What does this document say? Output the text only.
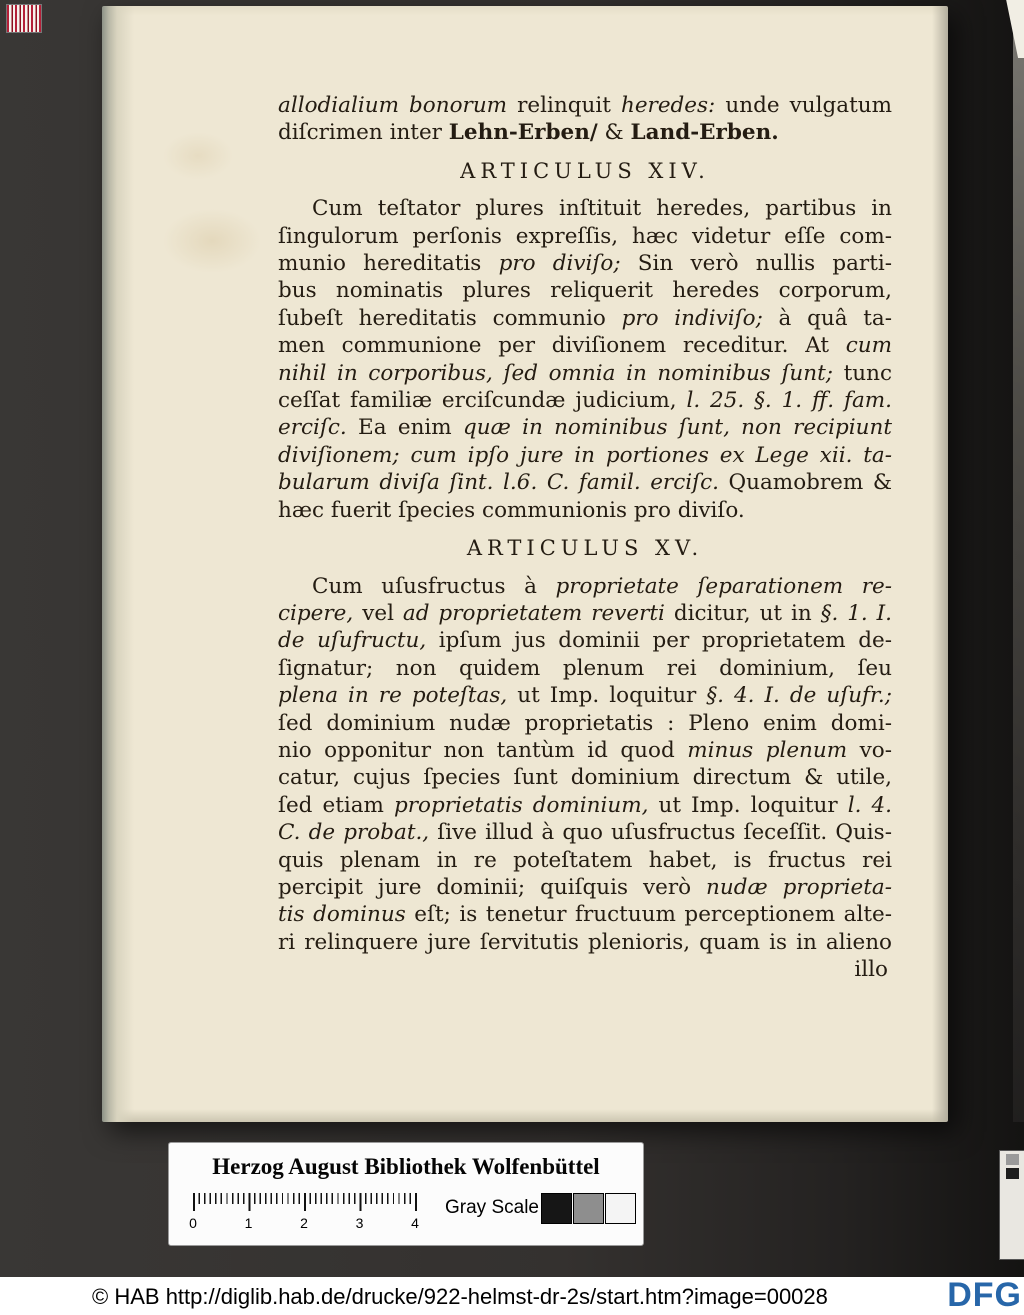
allodialium bonorum relinquit heredes: unde vulgatum
diſcrimen inter Lehn-Erben/ & Land-Erben.
ARTICULUS XIV.
Cum teſtator plures inſtituit heredes, partibus in
ſingulorum perſonis expreſſis, hæc videtur eſſe com-
munio hereditatis pro diviſo; Sin verò nullis parti-
bus nominatis plures reliquerit heredes corporum,
ſubeſt hereditatis communio pro indiviſo; à quâ ta-
men communione per diviſionem receditur. At cum
nihil in corporibus, ſed omnia in nominibus ſunt; tunc
ceſſat familiæ erciſcundæ judicium, l. 25. §. 1. ff. fam.
erciſc. Ea enim quæ in nominibus ſunt, non recipiunt
diviſionem; cum ipſo jure in portiones ex Lege xii. ta-
bularum diviſa ſint. l.6. C. famil. erciſc. Quamobrem &
hæc fuerit ſpecies communionis pro diviſo.
ARTICULUS XV.
Cum uſusfructus à proprietate ſeparationem re-
cipere, vel ad proprietatem reverti dicitur, ut in §. 1. I.
de uſufructu, ipſum jus dominii per proprietatem de-
ſignatur; non quidem plenum rei dominium, ſeu
plena in re poteſtas, ut Imp. loquitur §. 4. I. de uſufr.;
ſed dominium nudæ proprietatis : Pleno enim domi-
nio opponitur non tantùm id quod minus plenum vo-
catur, cujus ſpecies ſunt dominium directum & utile,
ſed etiam proprietatis dominium, ut Imp. loquitur l. 4.
C. de probat., ſive illud à quo uſusfructus ſeceſſit. Quis-
quis plenam in re poteſtatem habet, is fructus rei
percipit jure dominii; quiſquis verò nudæ proprieta-
tis dominus eſt; is tenetur fructuum perceptionem alte-
ri relinquere jure ſervitutis plenioris, quam is in alieno
illo
Herzog August Bibliothek Wolfenbüttel
0	1	2	3	4
Gray Scale
© HAB http://diglib.hab.de/drucke/922-helmst-dr-2s/start.htm?image=00028	DFG
